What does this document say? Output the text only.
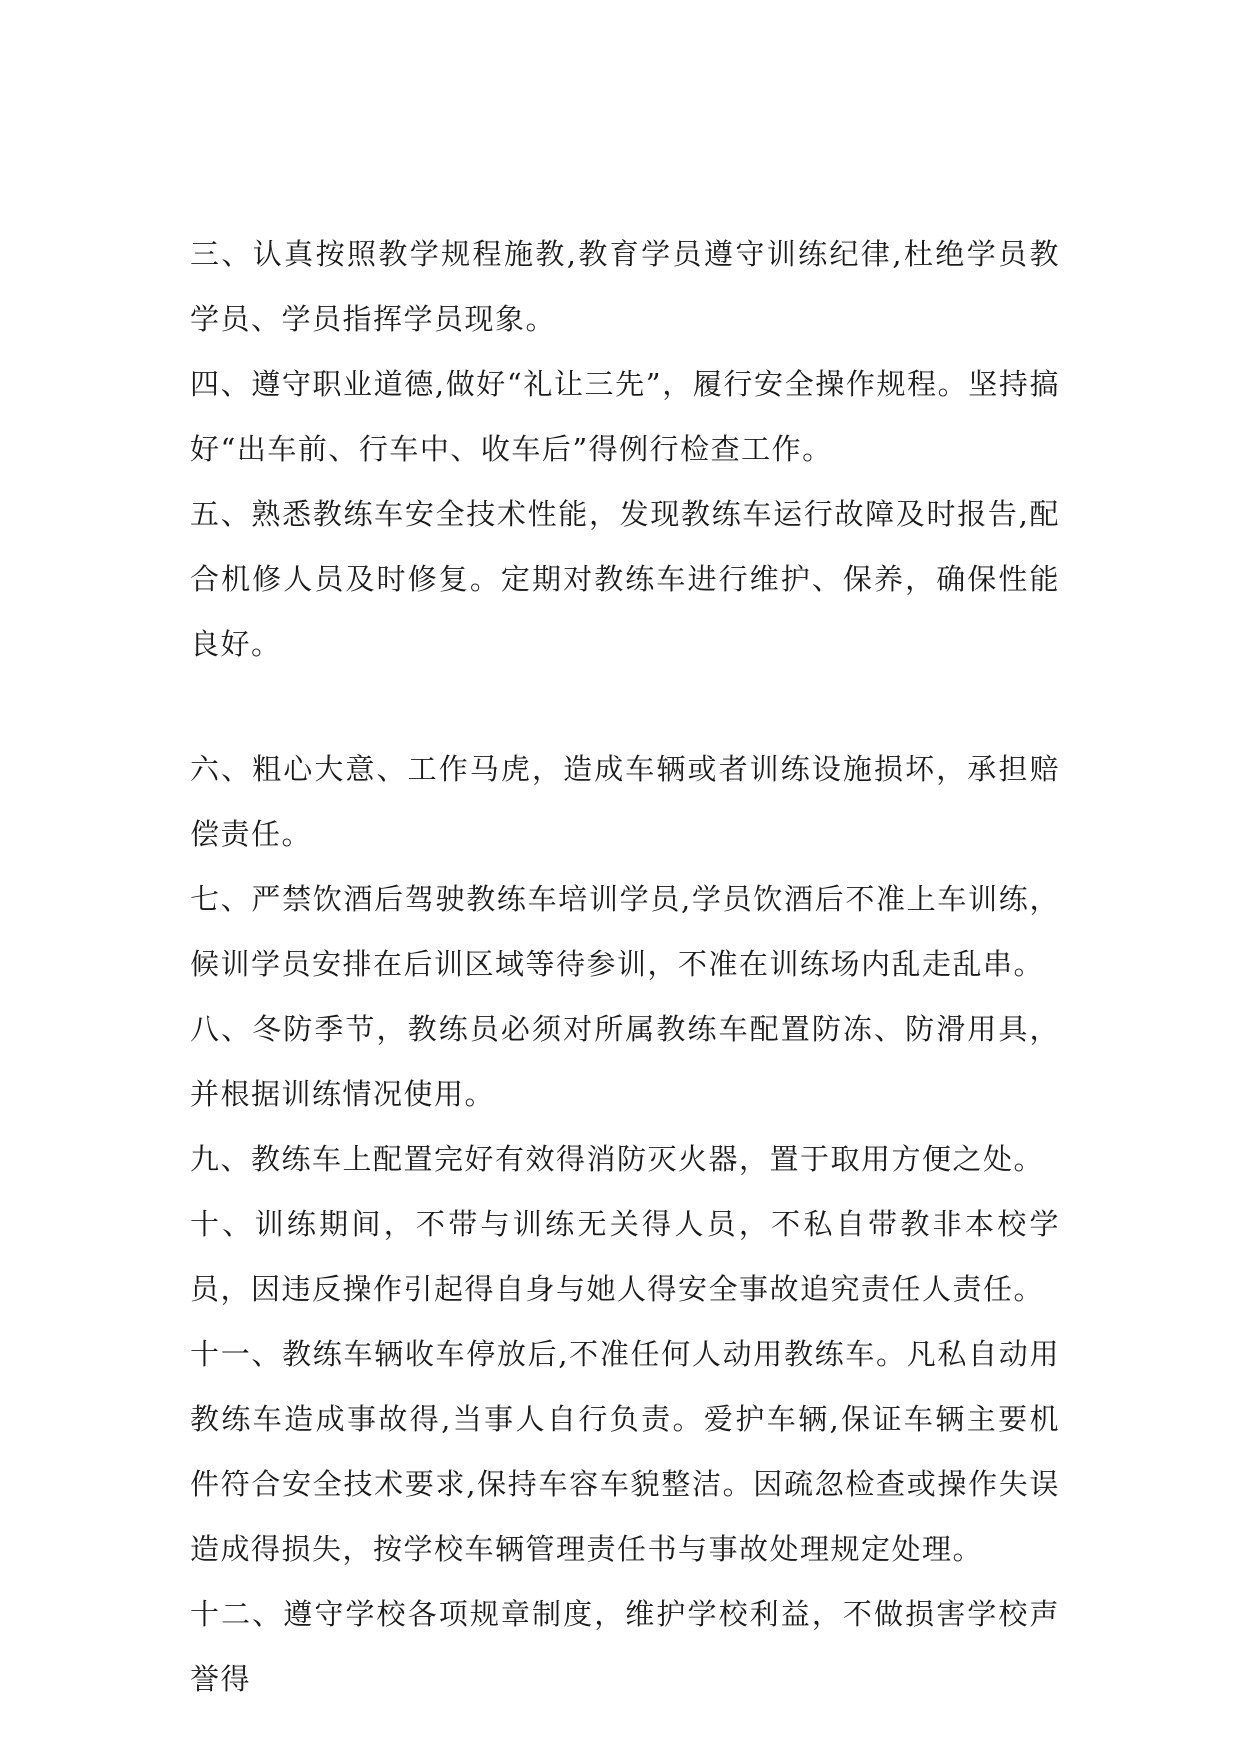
三、认真按照教学规程施教,教育学员遵守训练纪律,杜绝学员教学员、学员指挥学员现象。

四、遵守职业道德,做好“礼让三先”，履行安全操作规程。坚持搞好“出车前、行车中、收车后”得例行检查工作。

五、熟悉教练车安全技术性能，发现教练车运行故障及时报告,配合机修人员及时修复。定期对教练车进行维护、保养，确保性能良好。

六、粗心大意、工作马虎，造成车辆或者训练设施损坏，承担赔偿责任。

七、严禁饮酒后驾驶教练车培训学员,学员饮酒后不准上车训练，候训学员安排在后训区域等待参训，不准在训练场内乱走乱串。

八、冬防季节，教练员必须对所属教练车配置防冻、防滑用具，并根据训练情况使用。

九、教练车上配置完好有效得消防灭火器，置于取用方便之处。

十、训练期间，不带与训练无关得人员，不私自带教非本校学员，因违反操作引起得自身与她人得安全事故追究责任人责任。

十一、教练车辆收车停放后,不准任何人动用教练车。凡私自动用教练车造成事故得,当事人自行负责。爱护车辆,保证车辆主要机件符合安全技术要求,保持车容车貌整洁。因疏忽检查或操作失误造成得损失，按学校车辆管理责任书与事故处理规定处理。

十二、遵守学校各项规章制度，维护学校利益，不做损害学校声誉得
